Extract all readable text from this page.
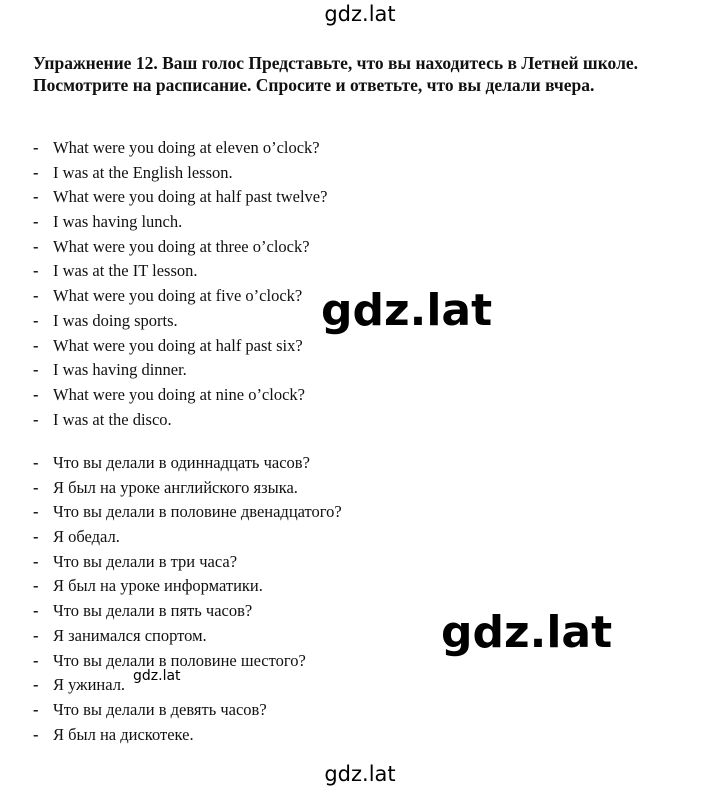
gdz.lat
Упражнение 12. Ваш голос Представьте, что вы находитесь в Летней школе. Посмотрите на расписание. Спросите и ответьте, что вы делали вчера.
- What were you doing at eleven o’clock?
- I was at the English lesson.
- What were you doing at half past twelve?
- I was having lunch.
- What were you doing at three o’clock?
- I was at the IT lesson.
- What were you doing at five o’clock?
- I was doing sports.
- What were you doing at half past six?
- I was having dinner.
- What were you doing at nine o’clock?
- I was at the disco.
gdz.lat
- Что вы делали в одиннадцать часов?
- Я был на уроке английского языка.
- Что вы делали в половине двенадцатого?
- Я обедал.
- Что вы делали в три часа?
- Я был на уроке информатики.
- Что вы делали в пять часов?
- Я занимался спортом.
- Что вы делали в половине шестого?
- Я ужинал.
- Что вы делали в девять часов?
- Я был на дискотеке.
gdz.lat
gdz.lat
gdz.lat
